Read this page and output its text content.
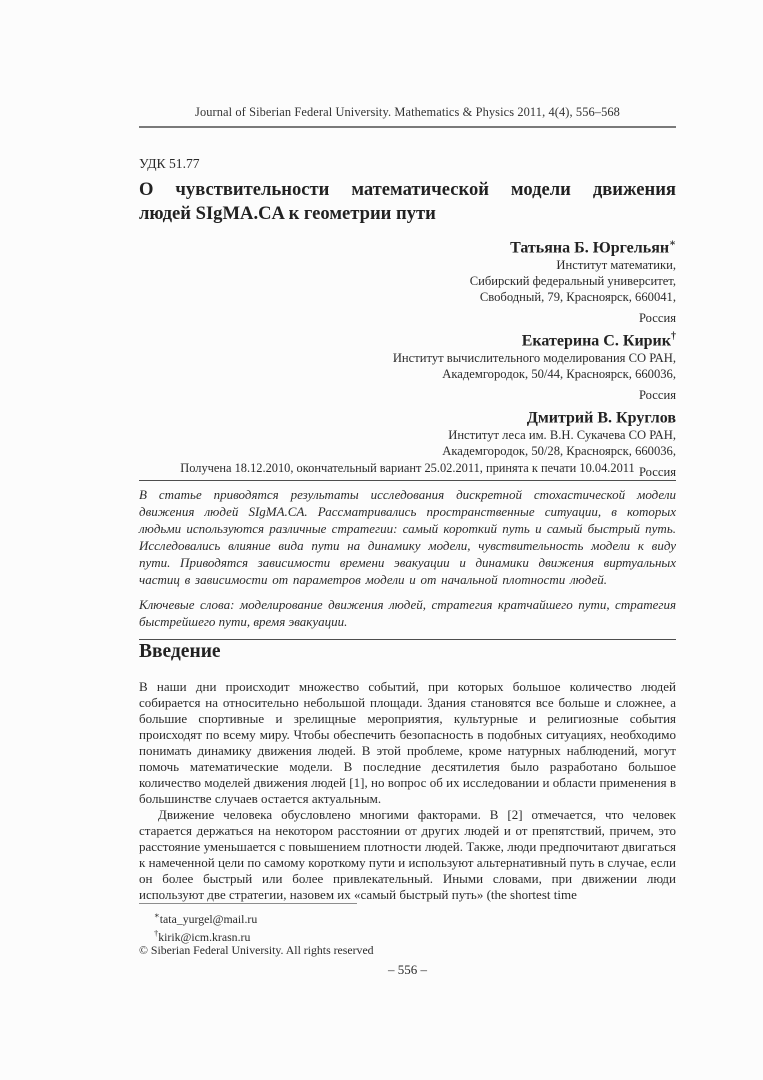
Journal of Siberian Federal University. Mathematics & Physics 2011, 4(4), 556–568
УДК 51.77
О чувствительности математической модели движения
людей SIgMA.CA к геометрии пути
Татьяна Б. Юргельян∗
Институт математики,
Сибирский федеральный университет,
Свободный, 79, Красноярск, 660041,
Россия
Екатерина С. Кирик†
Институт вычислительного моделирования СО РАН,
Академгородок, 50/44, Красноярск, 660036,
Россия
Дмитрий В. Круглов
Институт леса им. В.Н. Сукачева СО РАН,
Академгородок, 50/28, Красноярск, 660036,
Россия
Получена 18.12.2010, окончательный вариант 25.02.2011, принята к печати 10.04.2011

В статье приводятся результаты исследования дискретной стохастической модели движения людей SIgMA.CA. Рассматривались пространственные ситуации, в которых людьми используются различные стратегии: самый короткий путь и самый быстрый путь. Исследовались влияние вида пути на динамику модели, чувствительность модели к виду пути. Приводятся зависимости времени эвакуации и динамики движения виртуальных частиц в зависимости от параметров модели и от начальной плотности людей.

Ключевые слова: моделирование движения людей, стратегия кратчайшего пути, стратегия быстрейшего пути, время эвакуации.

Введение

В наши дни происходит множество событий, при которых большое количество людей собирается на относительно небольшой площади. Здания становятся все больше и сложнее, а большие спортивные и зрелищные мероприятия, культурные и религиозные события происходят по всему миру. Чтобы обеспечить безопасность в подобных ситуациях, необходимо понимать динамику движения людей. В этой проблеме, кроме натурных наблюдений, могут помочь математические модели. В последние десятилетия было разработано большое количество моделей движения людей [1], но вопрос об их исследовании и области применения в большинстве случаев остается актуальным.

Движение человека обусловлено многими факторами. В [2] отмечается, что человек старается держаться на некотором расстоянии от других людей и от препятствий, причем, это расстояние уменьшается с повышением плотности людей. Также, люди предпочитают двигаться к намеченной цели по самому короткому пути и используют альтернативный путь в случае, если он более быстрый или более привлекательный. Иными словами, при движении люди используют две стратегии, назовем их «самый быстрый путь» (the shortest time

∗tata_yurgel@mail.ru
†kirik@icm.krasn.ru
© Siberian Federal University. All rights reserved
– 556 –
